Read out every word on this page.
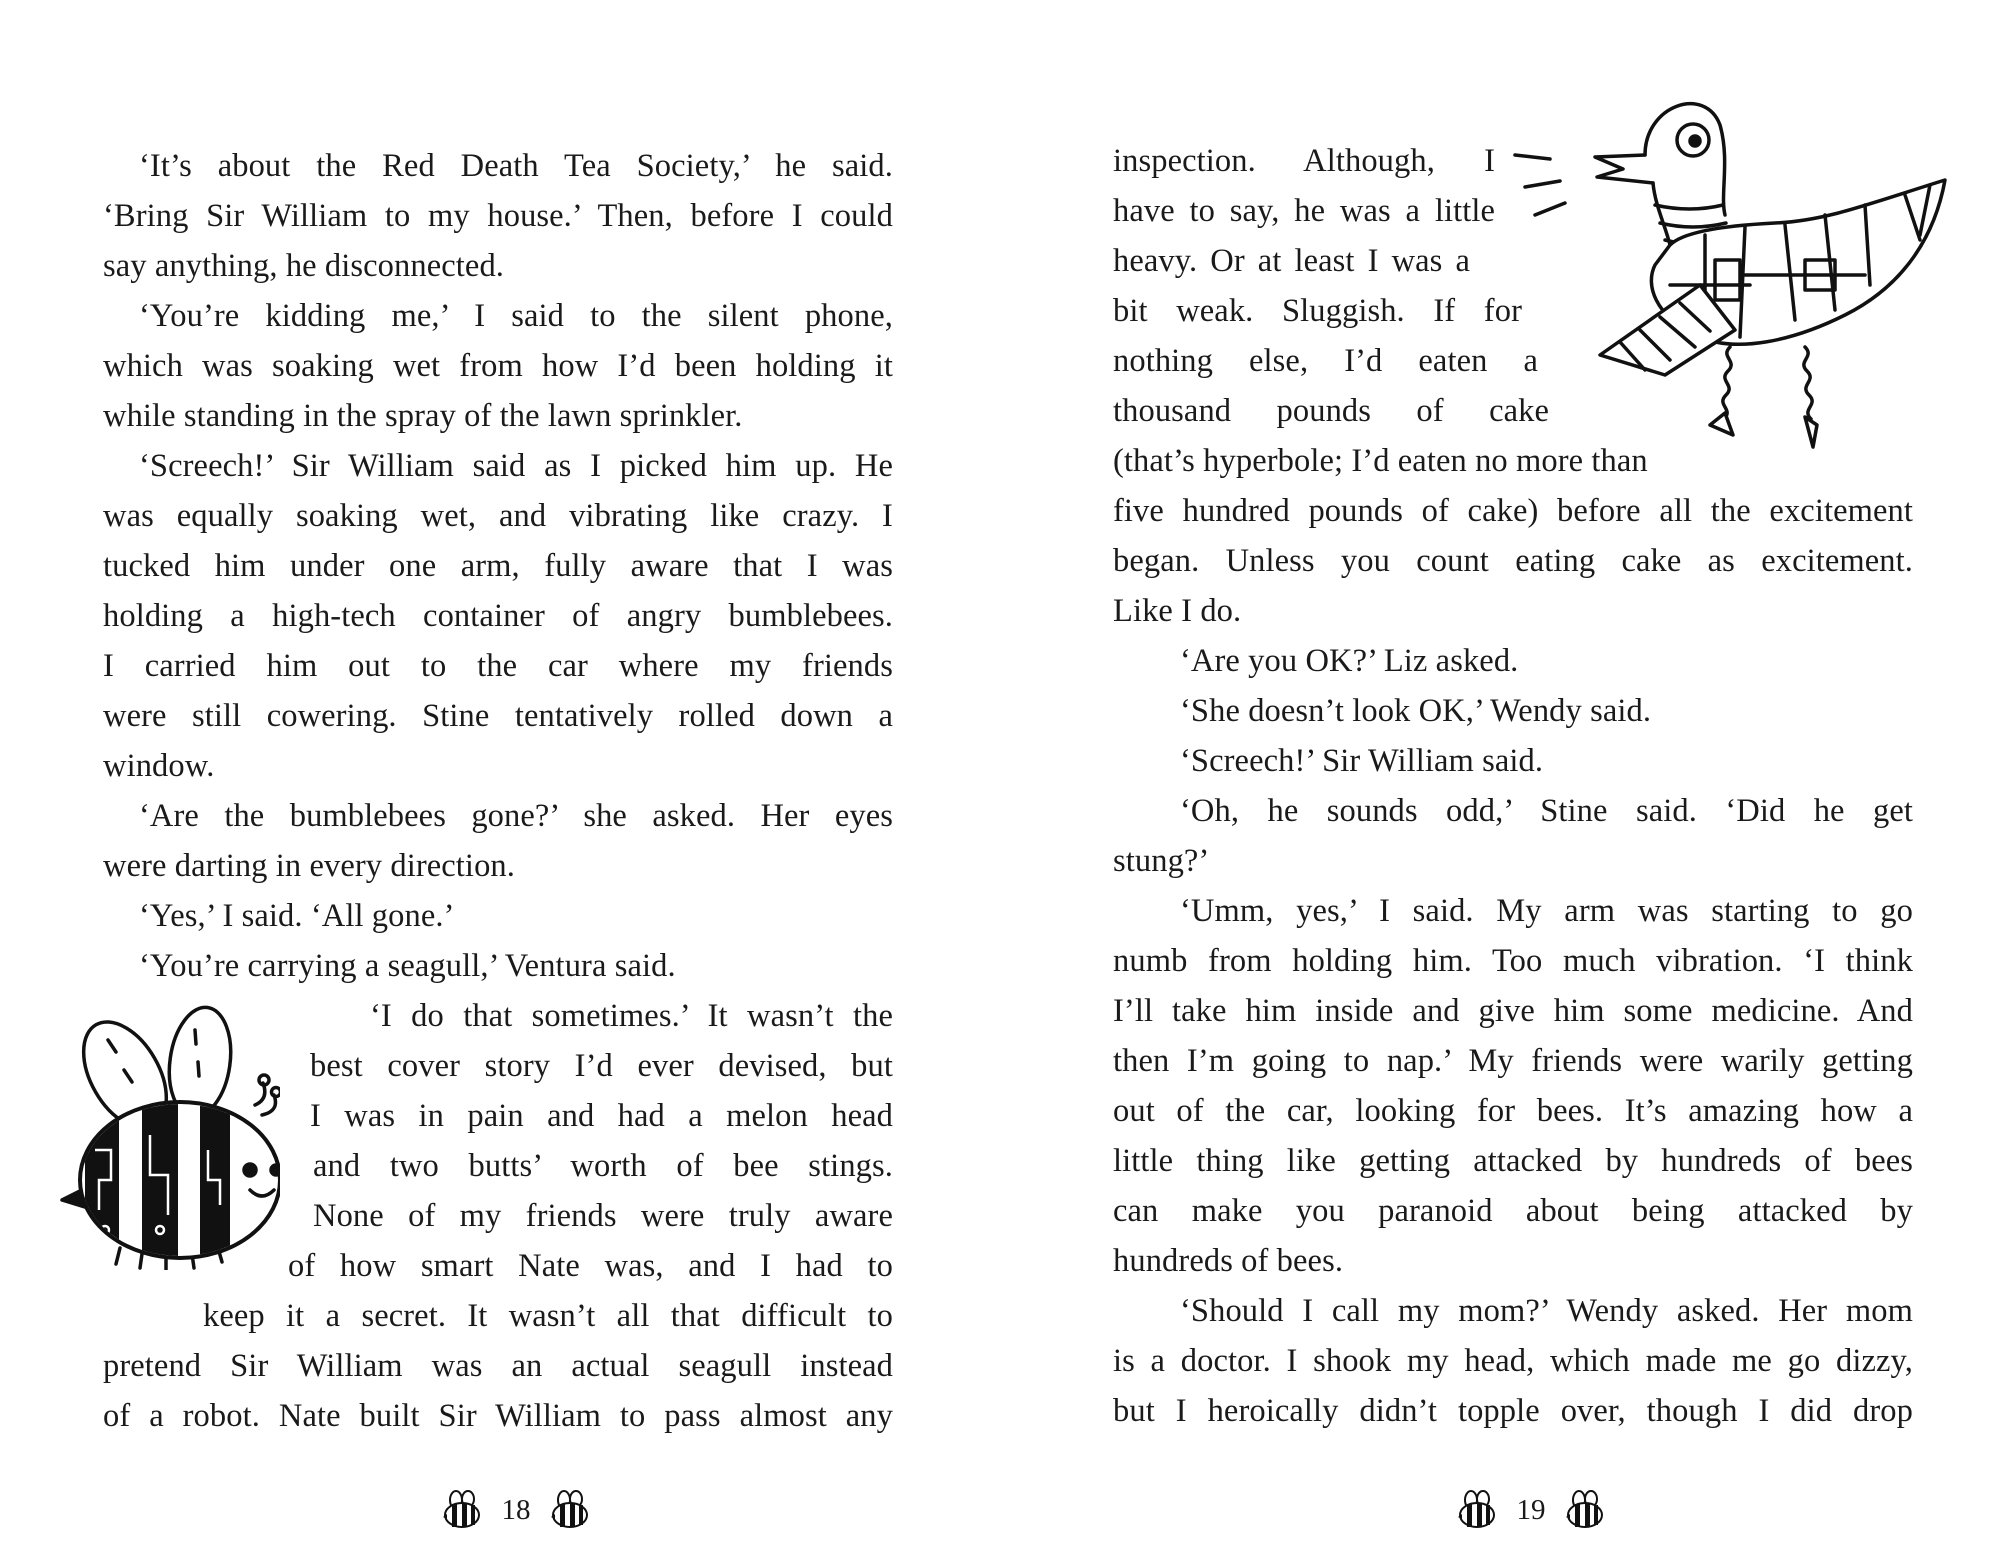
‘It’s about the Red Death Tea Society,’ he said.
‘Bring Sir William to my house.’ Then, before I could
say anything, he disconnected.
‘You’re kidding me,’ I said to the silent phone,
which was soaking wet from how I’d been holding it
while standing in the spray of the lawn sprinkler.
‘Screech!’ Sir William said as I picked him up. He
was equally soaking wet, and vibrating like crazy. I
tucked him under one arm, fully aware that I was
holding a high-tech container of angry bumblebees.
I carried him out to the car where my friends
were still cowering. Stine tentatively rolled down a
window.
‘Are the bumblebees gone?’ she asked. Her eyes
were darting in every direction.
‘Yes,’ I said. ‘All gone.’
‘You’re carrying a seagull,’ Ventura said.
‘I do that sometimes.’ It wasn’t the
best cover story I’d ever devised, but
I was in pain and had a melon head
and two butts’ worth of bee stings.
None of my friends were truly aware
of how smart Nate was, and I had to
keep it a secret. It wasn’t all that difficult to
pretend Sir William was an actual seagull instead
of a robot. Nate built Sir William to pass almost any
18
inspection. Although, I
have to say, he was a little
heavy. Or at least I was a
bit weak. Sluggish. If for
nothing else, I’d eaten a
thousand pounds of cake
(that’s hyperbole; I’d eaten no more than
five hundred pounds of cake) before all the excitement
began. Unless you count eating cake as excitement.
Like I do.
‘Are you OK?’ Liz asked.
‘She doesn’t look OK,’ Wendy said.
‘Screech!’ Sir William said.
‘Oh, he sounds odd,’ Stine said. ‘Did he get
stung?’
‘Umm, yes,’ I said. My arm was starting to go
numb from holding him. Too much vibration. ‘I think
I’ll take him inside and give him some medicine. And
then I’m going to nap.’ My friends were warily getting
out of the car, looking for bees. It’s amazing how a
little thing like getting attacked by hundreds of bees
can make you paranoid about being attacked by
hundreds of bees.
‘Should I call my mom?’ Wendy asked. Her mom
is a doctor. I shook my head, which made me go dizzy,
but I heroically didn’t topple over, though I did drop
19
